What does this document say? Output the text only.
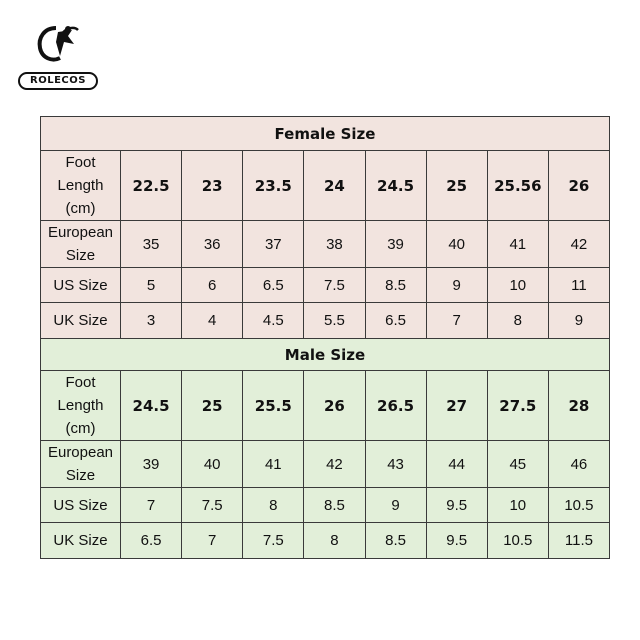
ROLECOS
Female Size								
Foot Length (cm)	22.5	23	23.5	24	24.5	25	25.56	26
European Size	35	36	37	38	39	40	41	42
US Size	5	6	6.5	7.5	8.5	9	10	11
UK Size	3	4	4.5	5.5	6.5	7	8	9
Male Size								
Foot Length (cm)	24.5	25	25.5	26	26.5	27	27.5	28
European Size	39	40	41	42	43	44	45	46
US Size	7	7.5	8	8.5	9	9.5	10	10.5
UK Size	6.5	7	7.5	8	8.5	9.5	10.5	11.5
